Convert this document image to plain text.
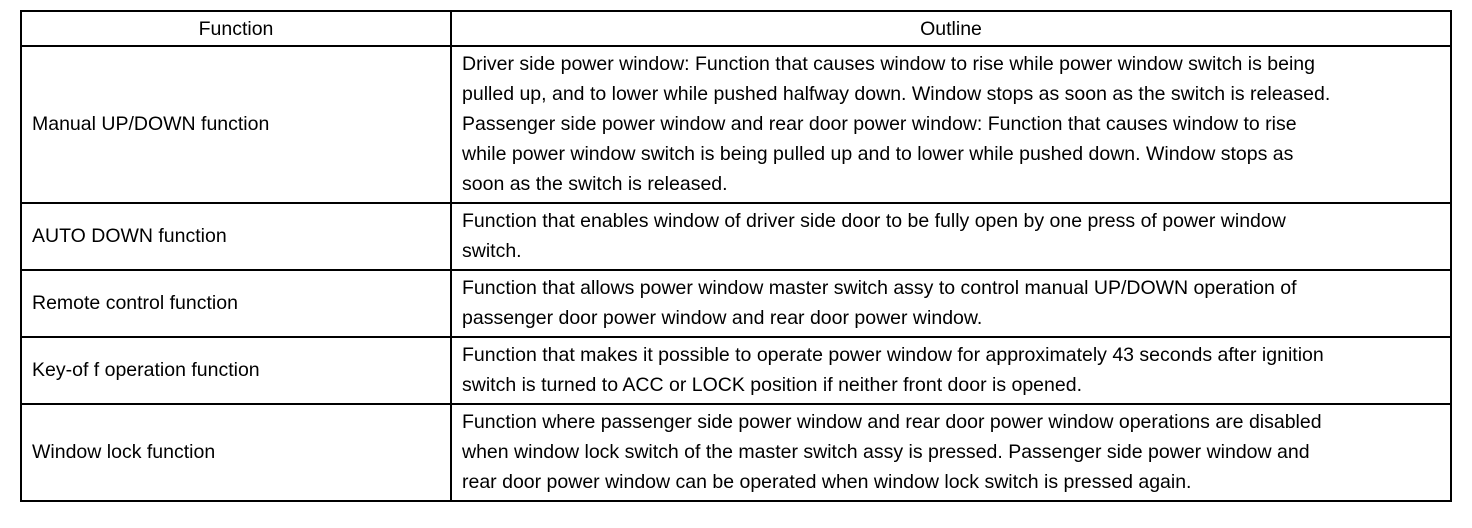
Function	Outline
Manual UP/DOWN function	Driver side power window: Function that causes window to rise while power window switch is being
pulled up, and to lower while pushed halfway down. Window stops as soon as the switch is released.
Passenger side power window and rear door power window: Function that causes window to rise
while power window switch is being pulled up and to lower while pushed down. Window stops as
soon as the switch is released.

AUTO DOWN function	Function that enables window of driver side door to be fully open by one press of power window
switch.

Remote control function	Function that allows power window master switch assy to control manual UP/DOWN operation of
passenger door power window and rear door power window.

Key-of f operation function	Function that makes it possible to operate power window for approximately 43 seconds after ignition
switch is turned to ACC or LOCK position if neither front door is opened.

Window lock function	Function where passenger side power window and rear door power window operations are disabled
when window lock switch of the master switch assy is pressed. Passenger side power window and
rear door power window can be operated when window lock switch is pressed again.
